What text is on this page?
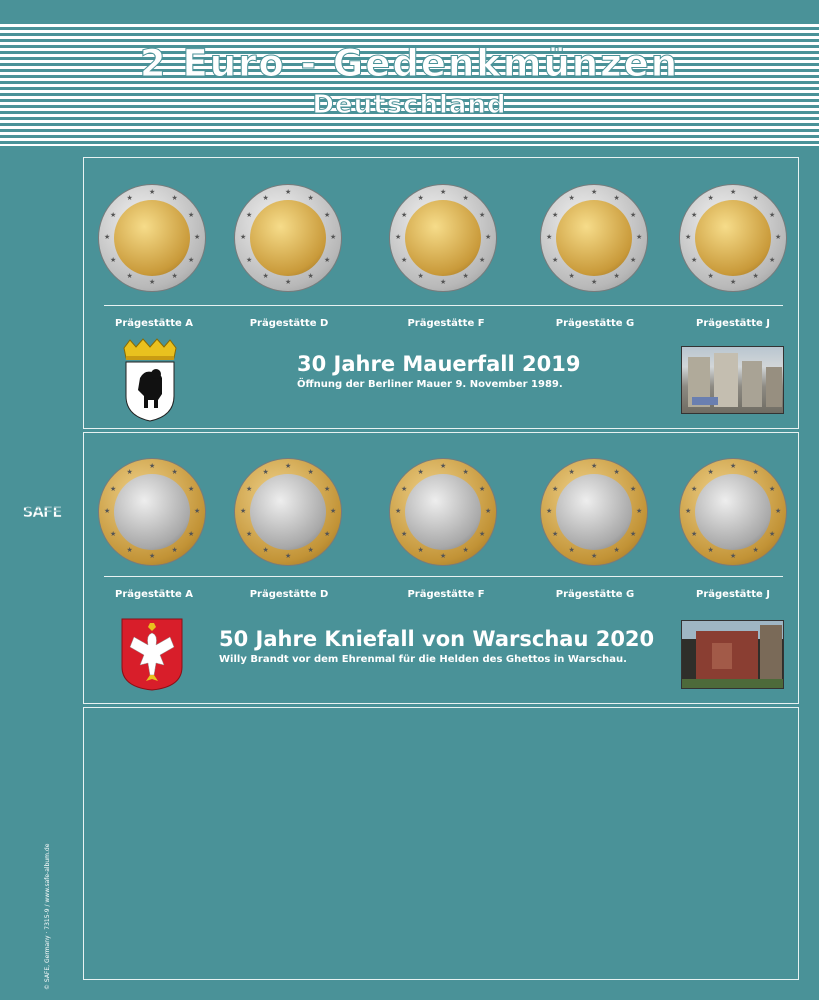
2 Euro - Gedenkmünzen
Deutschland
SAFE
© SAFE, Germany · 7315-9 / www.safe-album.de
★
★
★
★
★
★
★
★
★
★
★
★
★
★
★
★
★
★
★
★
★
★
★
★
★
★
★
★
★
★
★
★
★
★
★
★
★
★
★
★
★
★
★
★
★
★
★
★
★
★
★
★
★
★
★
★
★
★
★
★
Prägestätte A	Prägestätte D	Prägestätte F	Prägestätte G	Prägestätte J
30 Jahre Mauerfall 2019
Öffnung der Berliner Mauer 9. November 1989.
★
★
★
★
★
★
★
★
★
★
★
★
★
★
★
★
★
★
★
★
★
★
★
★
★
★
★
★
★
★
★
★
★
★
★
★
★
★
★
★
★
★
★
★
★
★
★
★
★
★
★
★
★
★
★
★
★
★
★
★
Prägestätte A	Prägestätte D	Prägestätte F	Prägestätte G	Prägestätte J
50 Jahre Kniefall von Warschau 2020
Willy Brandt vor dem Ehrenmal für die Helden des Ghettos in Warschau.
